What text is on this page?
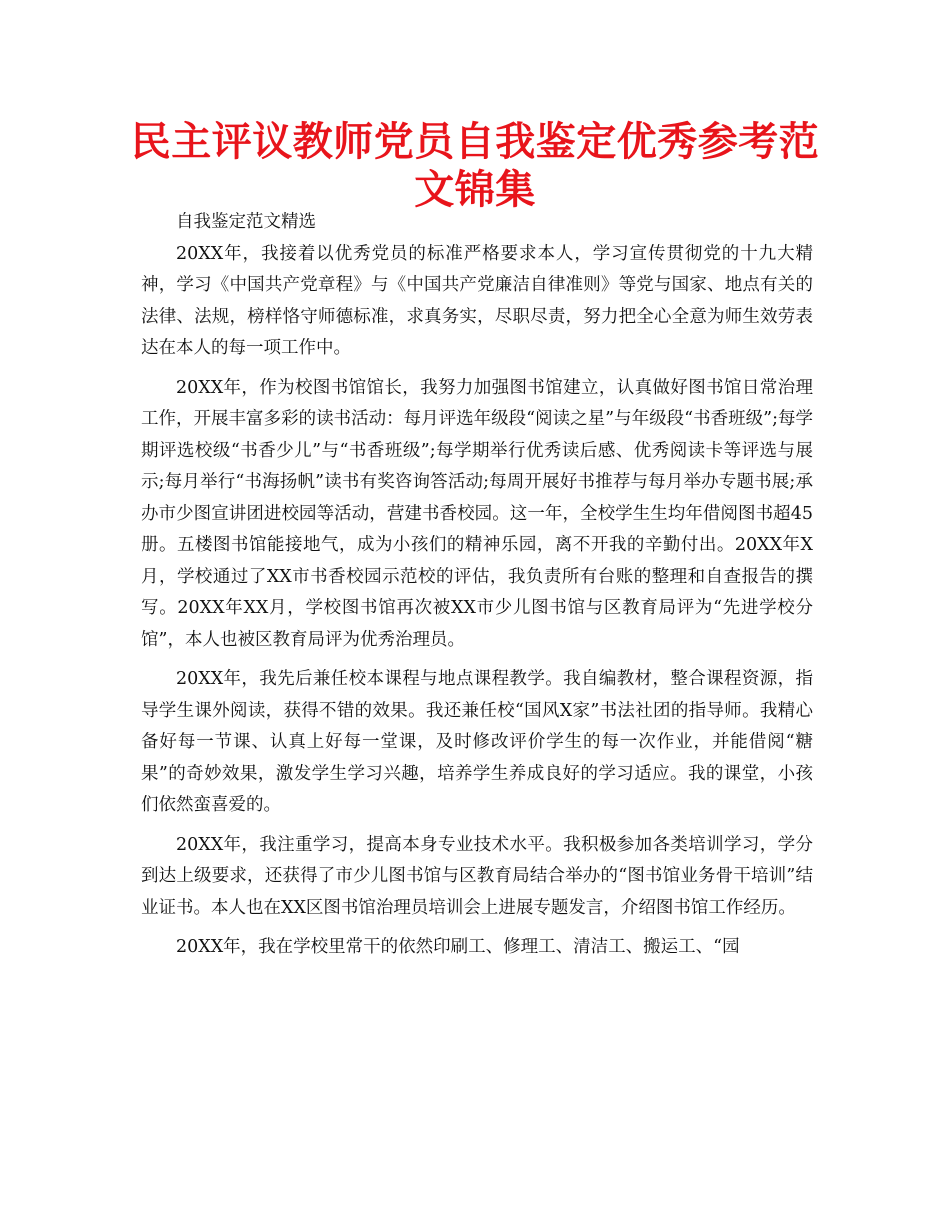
民主评议教师党员自我鉴定优秀参考范文锦集

自我鉴定范文精选

20XX年，我接着以优秀党员的标准严格要求本人，学习宣传贯彻党的十九大精神，学习《中国共产党章程》与《中国共产党廉洁自律准则》等党与国家、地点有关的法律、法规，榜样恪守师德标准，求真务实，尽职尽责，努力把全心全意为师生效劳表达在本人的每一项工作中。

20XX年，作为校图书馆馆长，我努力加强图书馆建立，认真做好图书馆日常治理工作，开展丰富多彩的读书活动：每月评选年级段“阅读之星”与年级段“书香班级”;每学期评选校级“书香少儿”与“书香班级”;每学期举行优秀读后感、优秀阅读卡等评选与展示;每月举行“书海扬帆”读书有奖咨询答活动;每周开展好书推荐与每月举办专题书展;承办市少图宣讲团进校园等活动，营建书香校园。这一年，全校学生生均年借阅图书超45册。五楼图书馆能接地气，成为小孩们的精神乐园，离不开我的辛勤付出。20XX年X月，学校通过了XX市书香校园示范校的评估，我负责所有台账的整理和自查报告的撰写。20XX年XX月，学校图书馆再次被XX市少儿图书馆与区教育局评为“先进学校分馆”，本人也被区教育局评为优秀治理员。

20XX年，我先后兼任校本课程与地点课程教学。我自编教材，整合课程资源，指导学生课外阅读，获得不错的效果。我还兼任校“国风X家”书法社团的指导师。我精心备好每一节课、认真上好每一堂课，及时修改评价学生的每一次作业，并能借阅“糖果”的奇妙效果，激发学生学习兴趣，培养学生养成良好的学习适应。我的课堂，小孩们依然蛮喜爱的。

20XX年，我注重学习，提高本身专业技术水平。我积极参加各类培训学习，学分到达上级要求，还获得了市少儿图书馆与区教育局结合举办的“图书馆业务骨干培训”结业证书。本人也在XX区图书馆治理员培训会上进展专题发言，介绍图书馆工作经历。

20XX年，我在学校里常干的依然印刷工、修理工、清洁工、搬运工、“园
